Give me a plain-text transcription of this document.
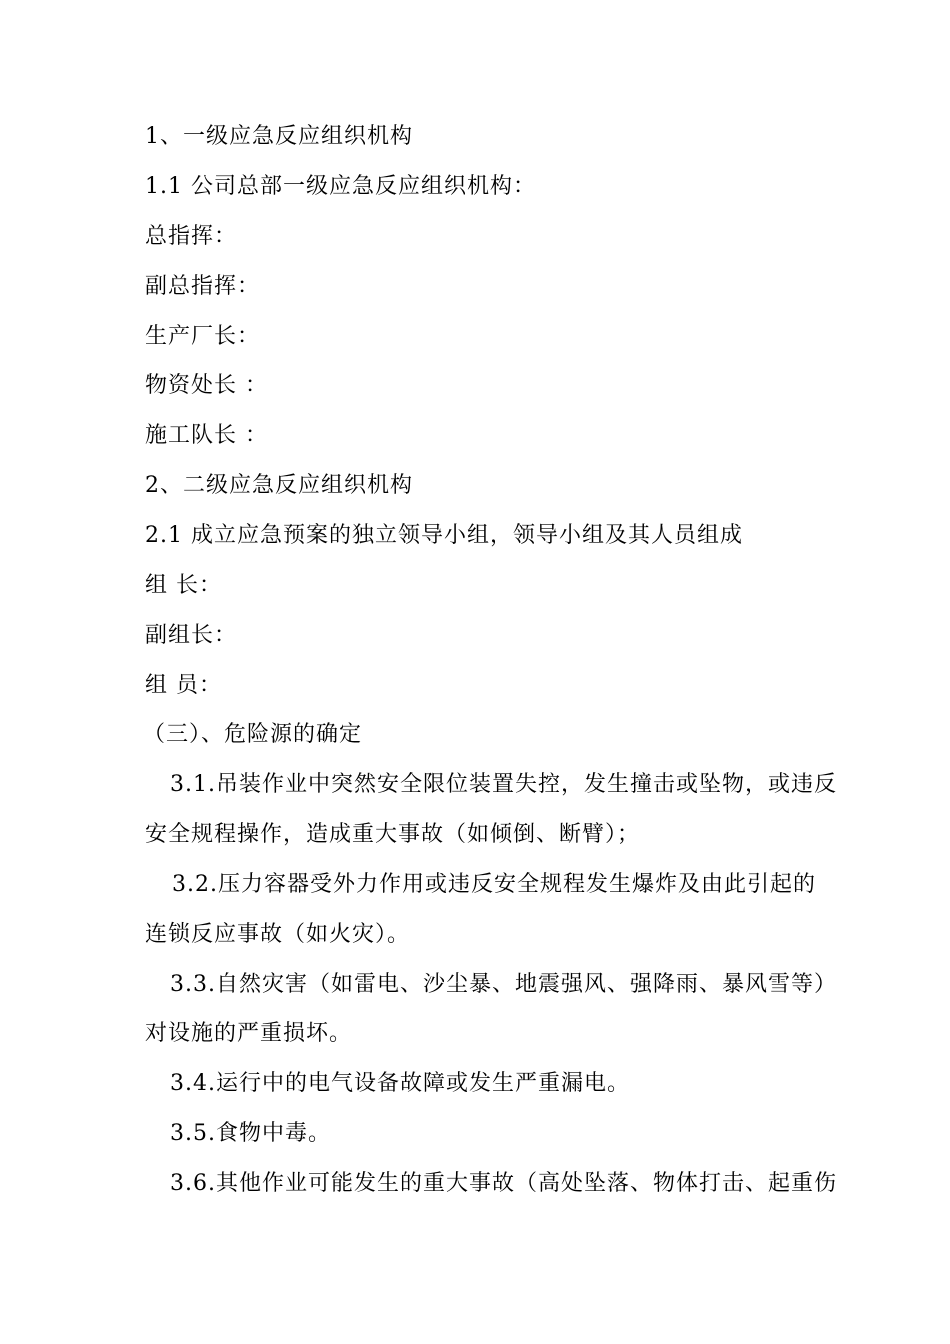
1、一级应急反应组织机构
1.1 公司总部一级应急反应组织机构：
总指挥：
副总指挥：
生产厂长：
物资处长 ：
施工队长 ：
2、二级应急反应组织机构
2.1 成立应急预案的独立领导小组，领导小组及其人员组成
组 长：
副组长：
组 员：
（三）、危险源的确定
3.1.吊装作业中突然安全限位装置失控，发生撞击或坠物，或违反
安全规程操作，造成重大事故（如倾倒、断臂）；
3.2.压力容器受外力作用或违反安全规程发生爆炸及由此引起的
连锁反应事故（如火灾）。
3.3.自然灾害（如雷电、沙尘暴、地震强风、强降雨、暴风雪等）
对设施的严重损坏。
3.4.运行中的电气设备故障或发生严重漏电。
3.5.食物中毒。
3.6.其他作业可能发生的重大事故（高处坠落、物体打击、起重伤
